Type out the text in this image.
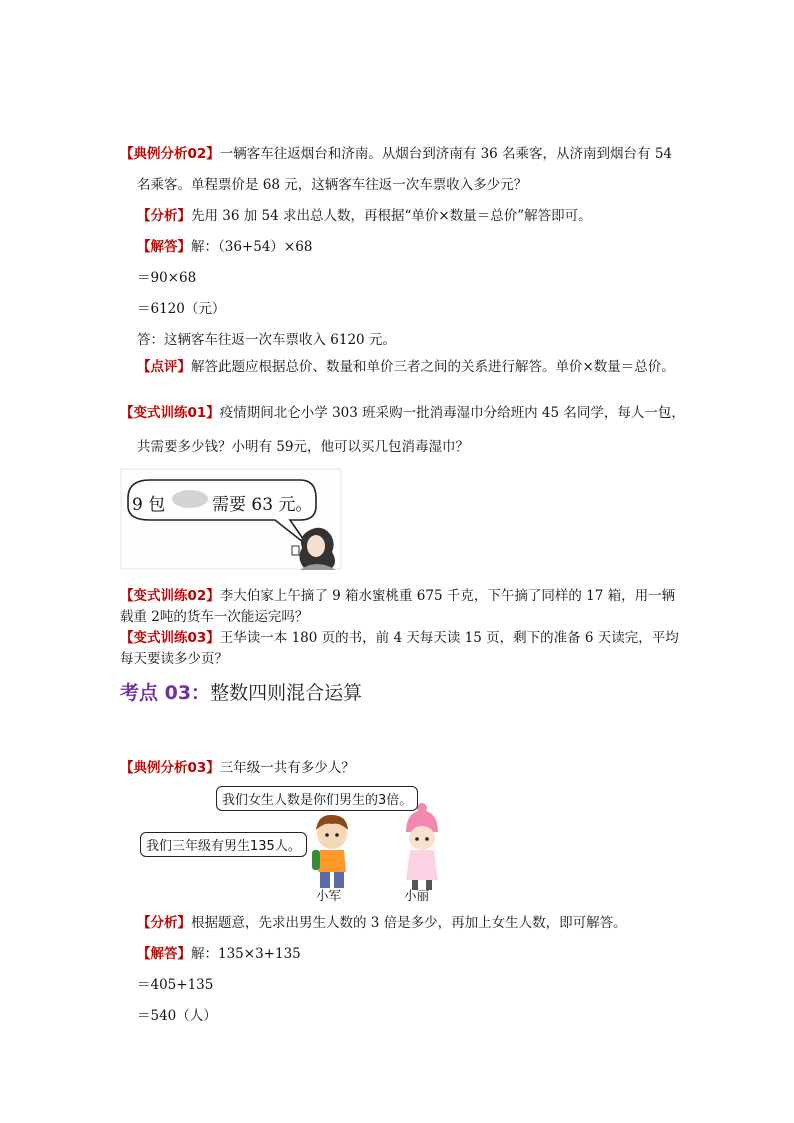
【典例分析02】一辆客车往返烟台和济南。从烟台到济南有 36 名乘客，从济南到烟台有 54
名乘客。单程票价是 68 元，这辆客车往返一次车票收入多少元？
【分析】先用 36 加 54 求出总人数，再根据“单价×数量＝总价”解答即可。
【解答】解：（36+54）×68
＝90×68
＝6120（元）
答：这辆客车往返一次车票收入 6120 元。
【点评】解答此题应根据总价、数量和单价三者之间的关系进行解答。单价×数量＝总价。
【变式训练01】疫情期间北仑小学 303 班采购一批消毒湿巾分给班内 45 名同学，每人一包，
共需要多少钱？小明有 59元，他可以买几包消毒湿巾？
9 包	需要 63 元。
【变式训练02】李大伯家上午摘了 9 箱水蜜桃重 675 千克，下午摘了同样的 17 箱，用一辆
载重 2吨的货车一次能运完吗？
【变式训练03】王华读一本 180 页的书，前 4 天每天读 15 页，剩下的准备 6 天读完，平均
每天要读多少页？
考点 03：整数四则混合运算
【典例分析03】三年级一共有多少人？
我们女生人数是你们男生的3倍。
我们三年级有男生135人。
小军	小丽
【分析】根据题意，先求出男生人数的 3 倍是多少，再加上女生人数，即可解答。
【解答】解：135×3+135
＝405+135
＝540（人）
